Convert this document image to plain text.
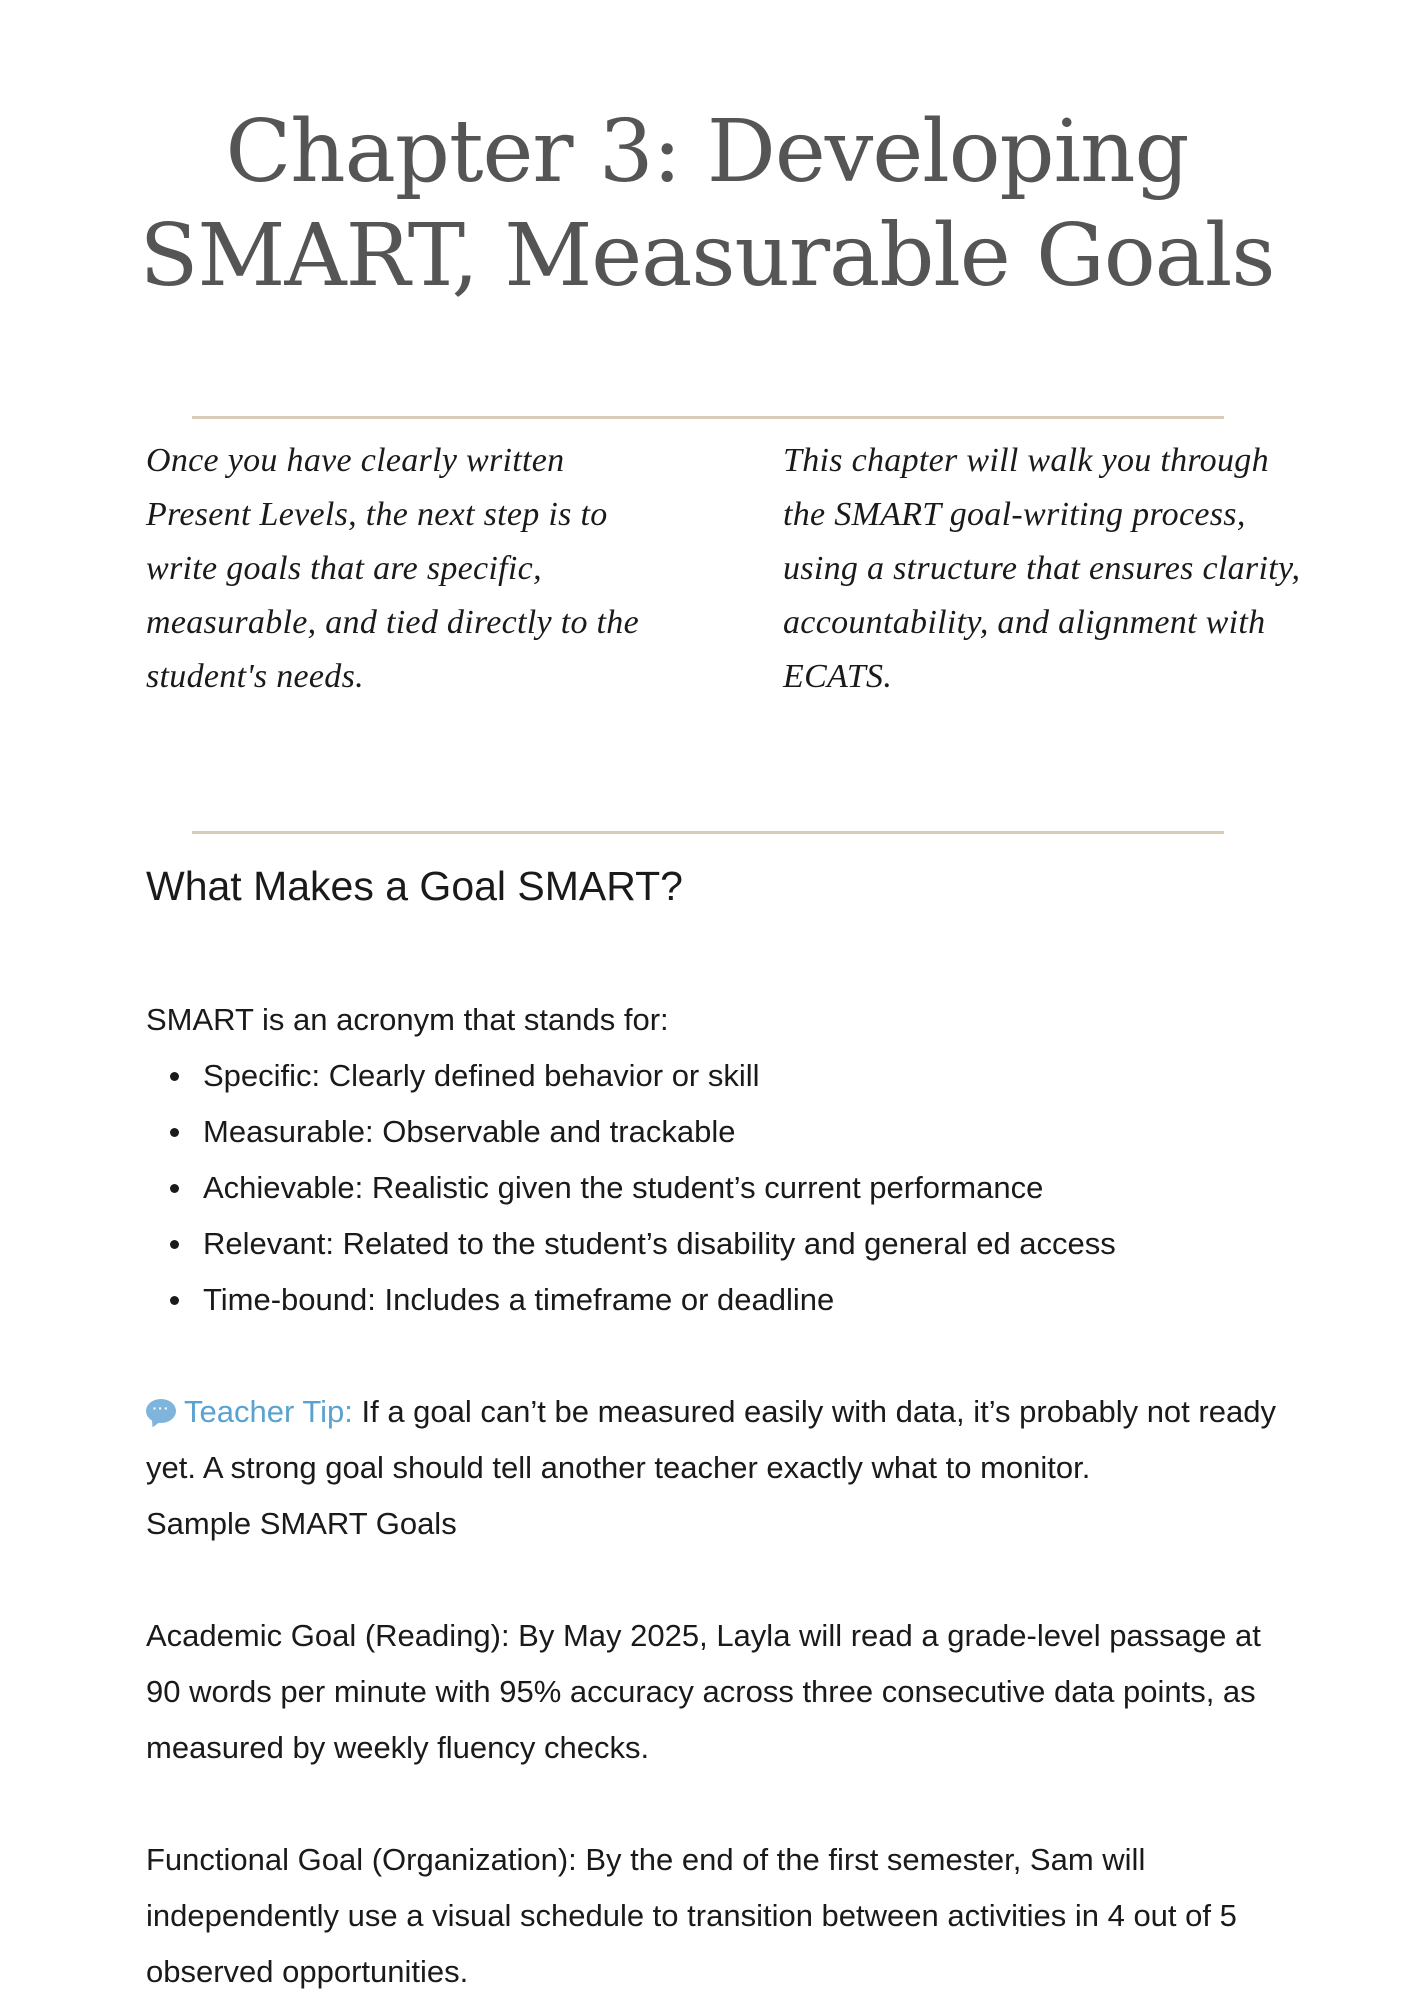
Chapter 3: Developing
SMART, Measurable Goals
Once you have clearly written Present Levels, the next step is to write goals that are specific, measurable, and tied directly to the student's needs.
This chapter will walk you through the SMART goal-writing process, using a structure that ensures clarity, accountability, and alignment with ECATS.
What Makes a Goal SMART?
SMART is an acronym that stands for:
Specific: Clearly defined behavior or skill
Measurable: Observable and trackable
Achievable: Realistic given the student’s current performance
Relevant: Related to the student’s disability and general ed access
Time-bound: Includes a timeframe or deadline
··· Teacher Tip: If a goal can’t be measured easily with data, it’s probably not ready yet. A strong goal should tell another teacher exactly what to monitor.
Sample SMART Goals
Academic Goal (Reading): By May 2025, Layla will read a grade-level passage at 90 words per minute with 95% accuracy across three consecutive data points, as measured by weekly fluency checks.
Functional Goal (Organization): By the end of the first semester, Sam will independently use a visual schedule to transition between activities in 4 out of 5 observed opportunities.
